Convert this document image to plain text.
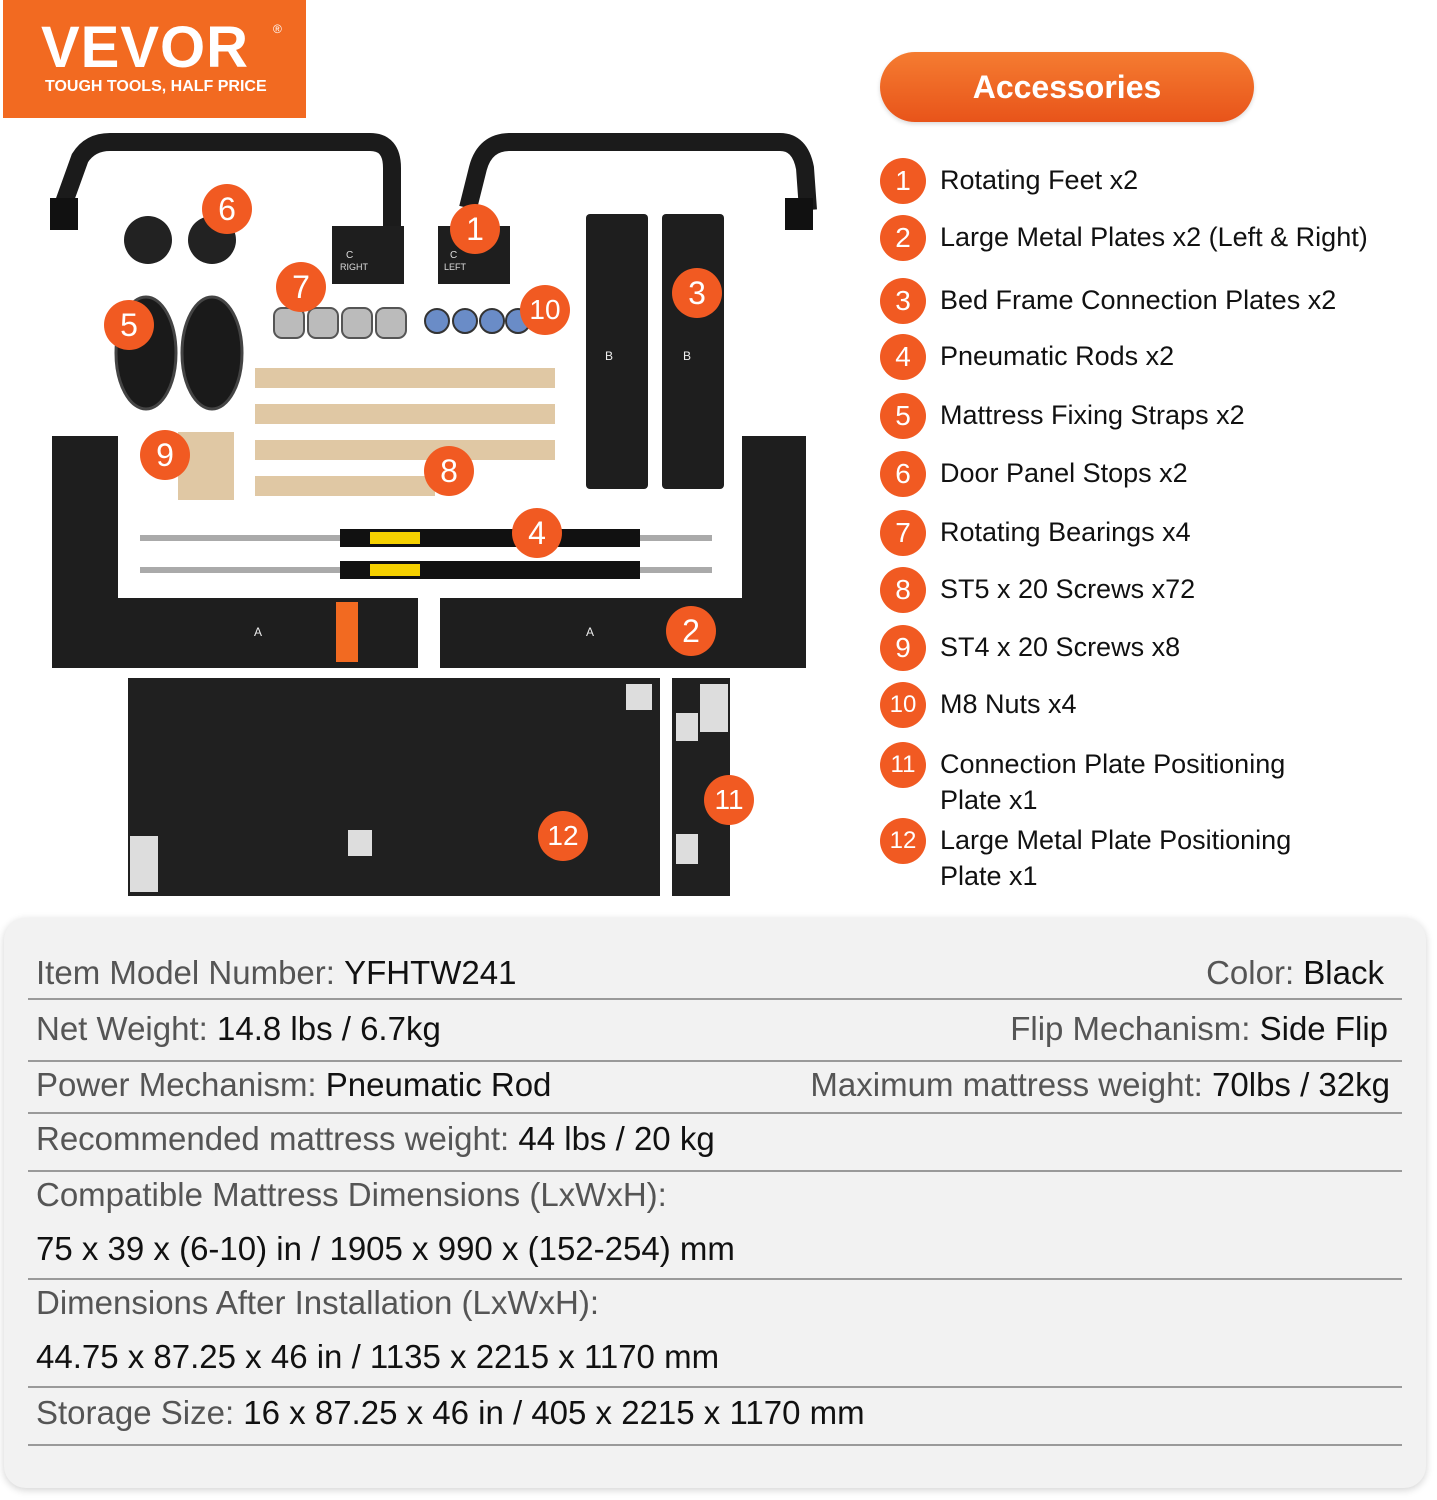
VEVOR ®
TOUGH TOOLS, HALF PRICE
C
RIGHT
C
LEFT
B	B
A	A
1
2
3
4
5
6
7
8
9
10
11
12
Accessories
1	Rotating Feet x2
2	Large Metal Plates x2 (Left & Right)
3	Bed Frame Connection Plates x2
4	Pneumatic Rods x2
5	Mattress Fixing Straps x2
6	Door Panel Stops x2
7	Rotating Bearings x4
8	ST5 x 20 Screws x72
9	ST4 x 20 Screws x8
10 M8 Nuts x4
11 Connection Plate Positioning Plate x1
12 Large Metal Plate Positioning Plate x1
Item Model Number: YFHTW241	Color: Black
Net Weight: 14.8 lbs / 6.7kg	Flip Mechanism: Side Flip
Power Mechanism: Pneumatic Rod	Maximum mattress weight: 70lbs / 32kg
Recommended mattress weight: 44 lbs / 20 kg
Compatible Mattress Dimensions (LxWxH):
75 x 39 x (6-10) in / 1905 x 990 x (152-254) mm
Dimensions After Installation (LxWxH):
44.75 x 87.25 x 46 in / 1135 x 2215 x 1170 mm
Storage Size: 16 x 87.25 x 46 in / 405 x 2215 x 1170 mm
